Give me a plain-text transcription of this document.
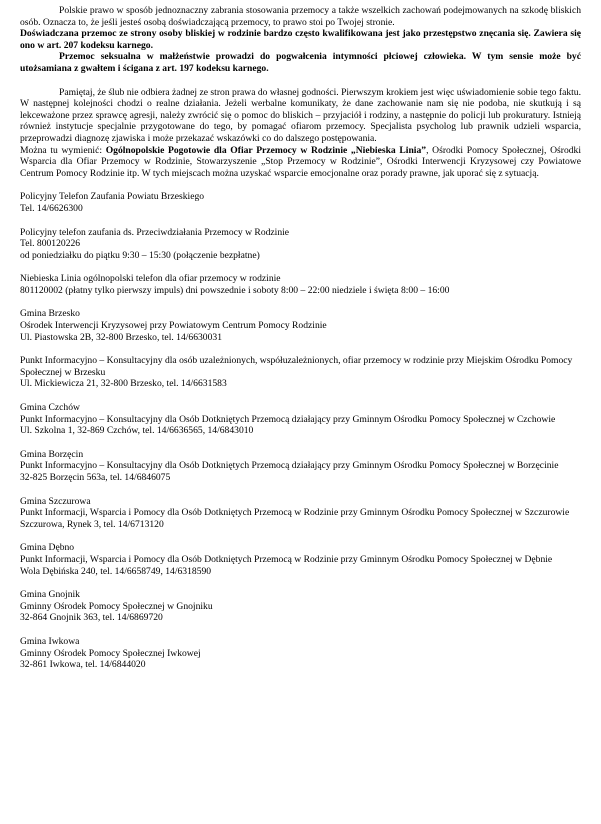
Polskie prawo w sposób jednoznaczny zabrania stosowania przemocy a także wszelkich zachowań podejmowanych na szkodę bliskich osób. Oznacza to, że jeśli jesteś osobą doświadczającą przemocy, to prawo stoi po Twojej stronie.

Doświadczana przemoc ze strony osoby bliskiej w rodzinie bardzo często kwalifikowana jest jako przestępstwo znęcania się. Zawiera się ono w art. 207 kodeksu karnego.

Przemoc seksualna w małżeństwie prowadzi do pogwałcenia intymności płciowej człowieka. W tym sensie może być utożsamiana z gwałtem i ścigana z art. 197 kodeksu karnego.

Pamiętaj, że ślub nie odbiera żadnej ze stron prawa do własnej godności. Pierwszym krokiem jest więc uświadomienie sobie tego faktu. W następnej kolejności chodzi o realne działania. Jeżeli werbalne komunikaty, że dane zachowanie nam się nie podoba, nie skutkują i są lekceważone przez sprawcę agresji, należy zwrócić się o pomoc do bliskich – przyjaciół i rodziny, a następnie do policji lub prokuratury. Istnieją również instytucje specjalnie przygotowane do tego, by pomagać ofiarom przemocy. Specjalista psycholog lub prawnik udzieli wsparcia, przeprowadzi diagnozę zjawiska i może przekazać wskazówki co do dalszego postępowania.

Można tu wymienić: Ogólnopolskie Pogotowie dla Ofiar Przemocy w Rodzinie „Niebieska Linia”, Ośrodki Pomocy Społecznej, Ośrodki Wsparcia dla Ofiar Przemocy w Rodzinie, Stowarzyszenie „Stop Przemocy w Rodzinie”, Ośrodki Interwencji Kryzysowej czy Powiatowe Centrum Pomocy Rodzinie itp. W tych miejscach można uzyskać wsparcie emocjonalne oraz porady prawne, jak uporać się z sytuacją.

Policyjny Telefon Zaufania Powiatu Brzeskiego
Tel. 14/6626300
Policyjny telefon zaufania ds. Przeciwdziałania Przemocy w Rodzinie
Tel. 800120226
od poniedziałku do piątku 9:30 – 15:30 (połączenie bezpłatne)
Niebieska Linia ogólnopolski telefon dla ofiar przemocy w rodzinie
801120002 (płatny tylko pierwszy impuls) dni powszednie i soboty 8:00 – 22:00 niedziele i święta 8:00 – 16:00
Gmina Brzesko
Ośrodek Interwencji Kryzysowej przy Powiatowym Centrum Pomocy Rodzinie
Ul. Piastowska 2B, 32-800 Brzesko, tel. 14/6630031
Punkt Informacyjno – Konsultacyjny dla osób uzależnionych, współuzależnionych, ofiar przemocy w rodzinie przy Miejskim Ośrodku Pomocy Społecznej w Brzesku
Ul. Mickiewicza 21, 32-800 Brzesko, tel. 14/6631583
Gmina Czchów
Punkt Informacyjno – Konsultacyjny dla Osób Dotkniętych Przemocą działający przy Gminnym Ośrodku Pomocy Społecznej w Czchowie
Ul. Szkolna 1, 32-869 Czchów, tel. 14/6636565, 14/6843010
Gmina Borzęcin
Punkt Informacyjno – Konsultacyjny dla Osób Dotkniętych Przemocą działający przy Gminnym Ośrodku Pomocy Społecznej w Borzęcinie
32-825 Borzęcin 563a, tel. 14/6846075
Gmina Szczurowa
Punkt Informacji, Wsparcia i Pomocy dla Osób Dotkniętych Przemocą w Rodzinie przy Gminnym Ośrodku Pomocy Społecznej w Szczurowie
Szczurowa, Rynek 3, tel. 14/6713120
Gmina Dębno
Punkt Informacji, Wsparcia i Pomocy dla Osób Dotkniętych Przemocą w Rodzinie przy Gminnym Ośrodku Pomocy Społecznej w Dębnie
Wola Dębińska 240, tel. 14/6658749, 14/6318590
Gmina Gnojnik
Gminny Ośrodek Pomocy Społecznej w Gnojniku
32-864 Gnojnik 363, tel. 14/6869720
Gmina Iwkowa
Gminny Ośrodek Pomocy Społecznej Iwkowej
32-861 Iwkowa, tel. 14/6844020
